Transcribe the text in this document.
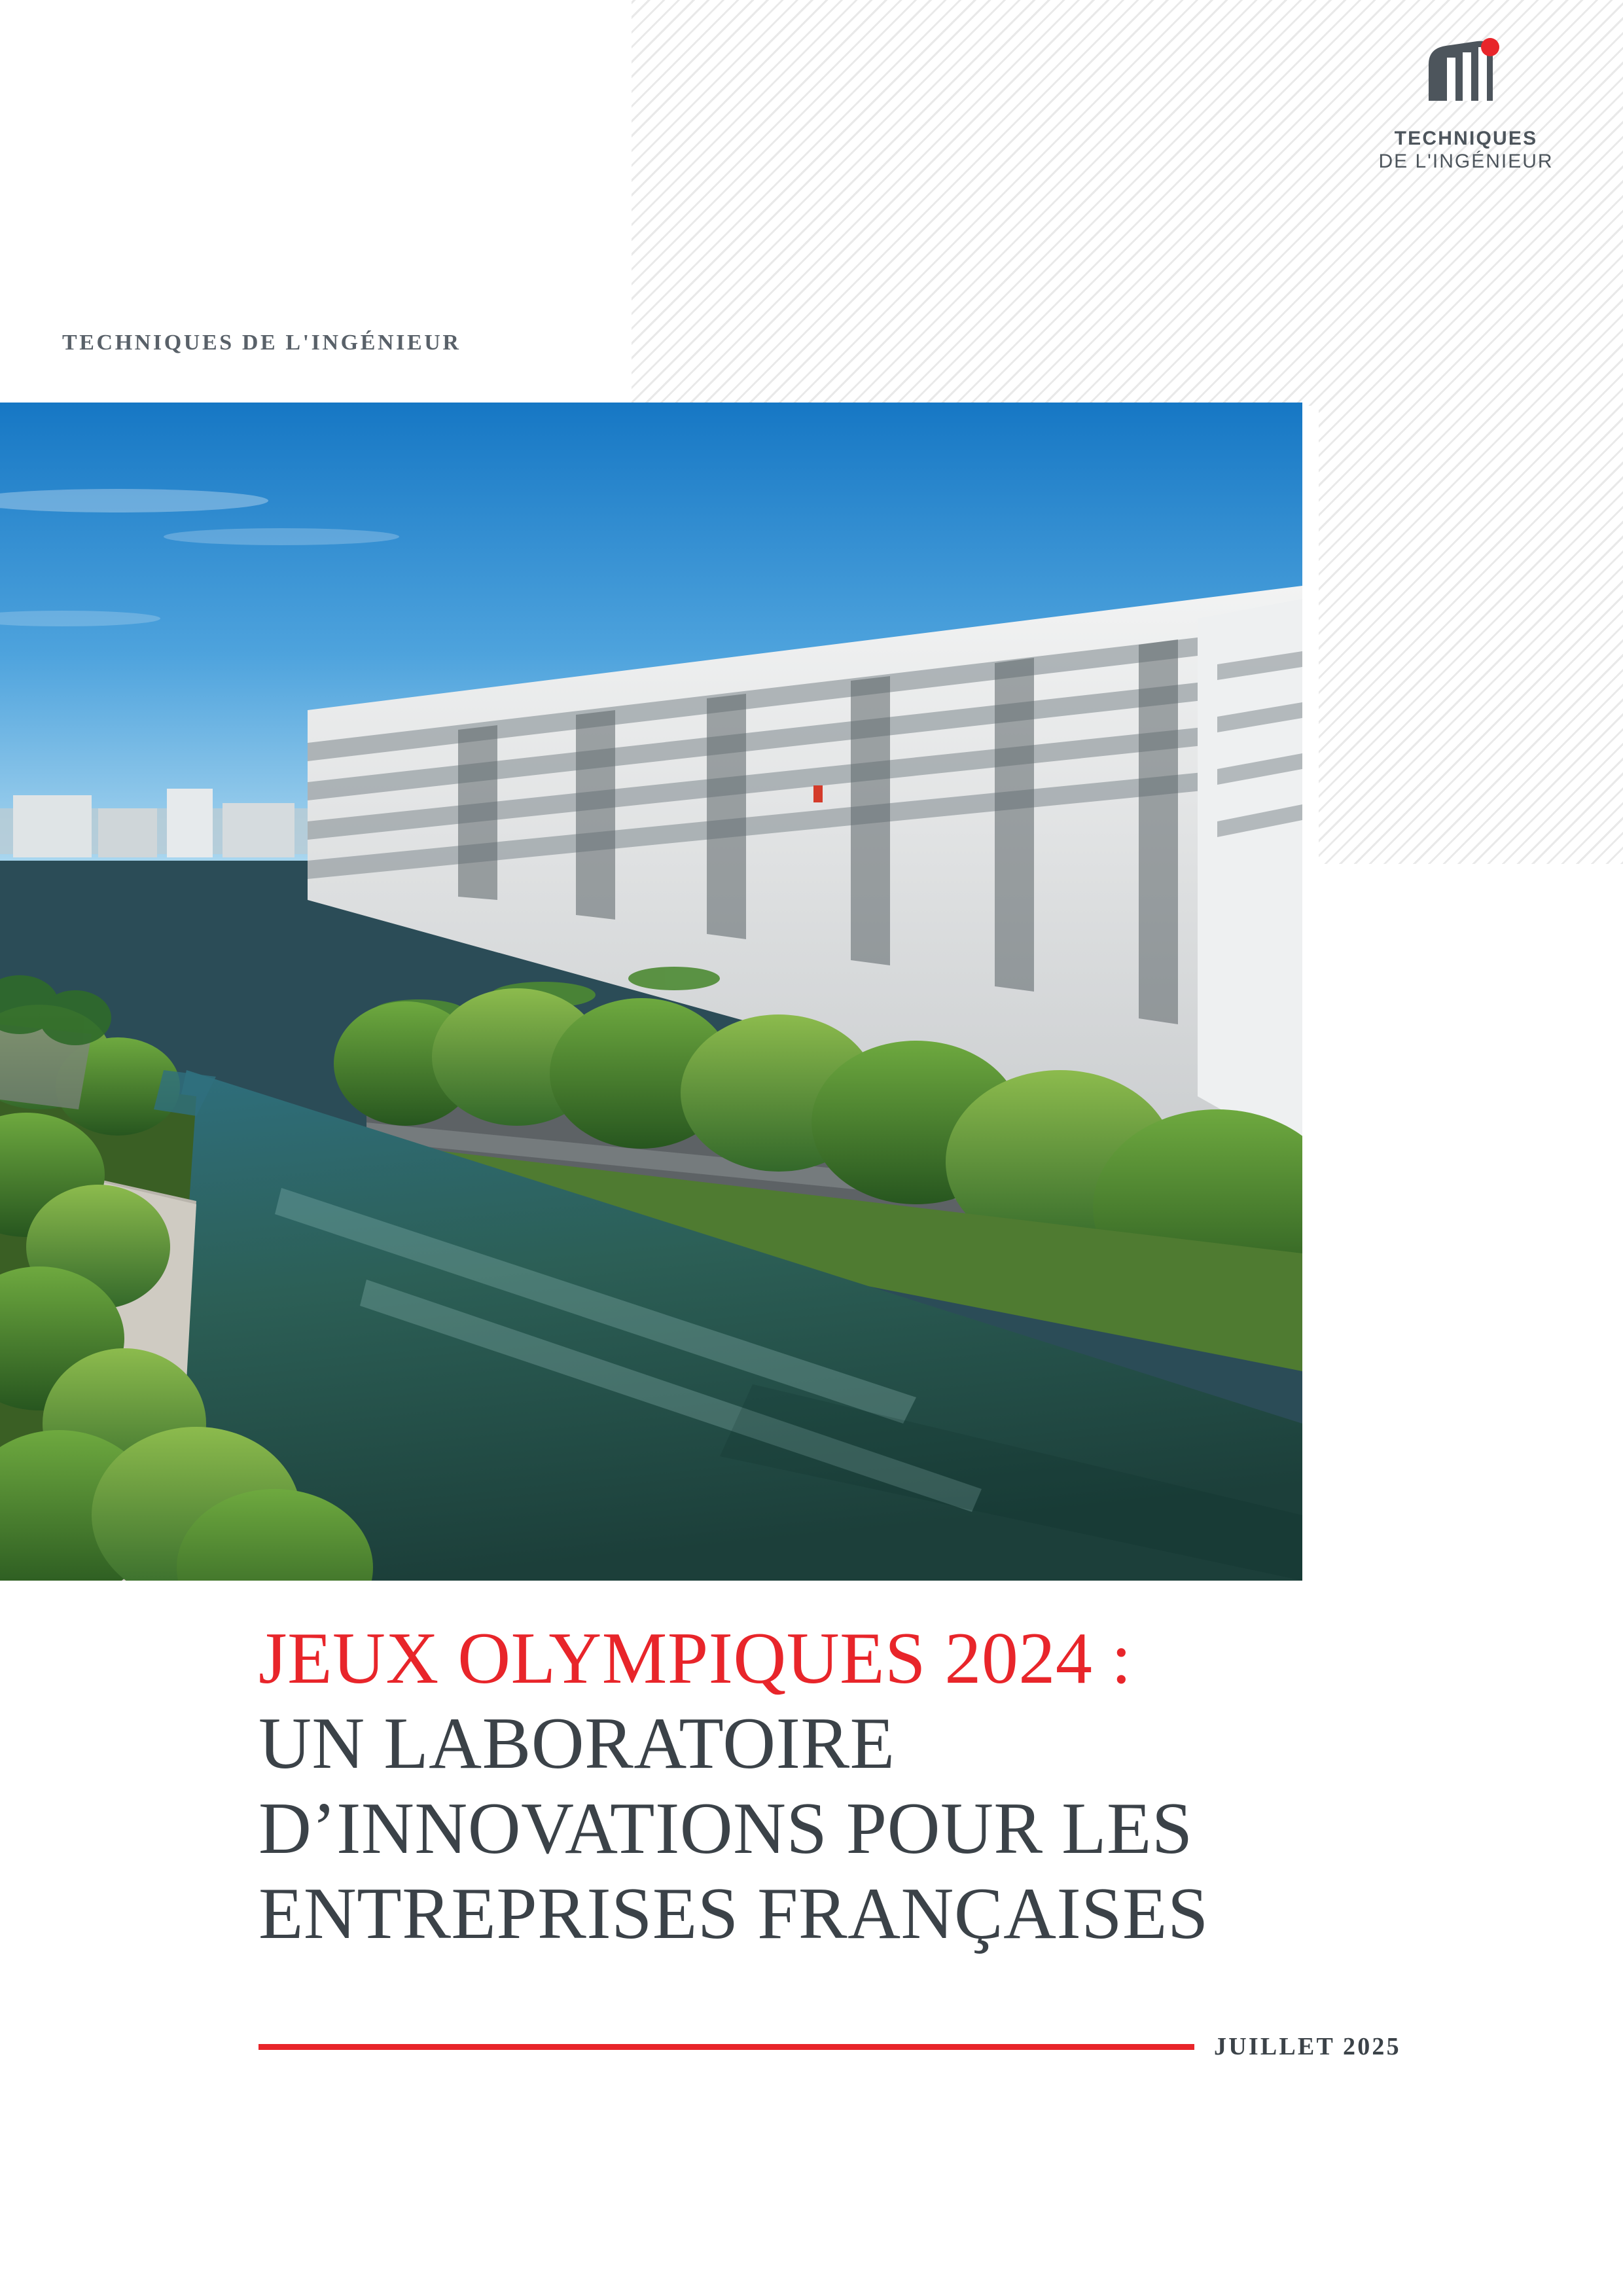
TECHNIQUES
DE L'INGÉNIEUR
TECHNIQUES DE L'INGÉNIEUR
JEUX OLYMPIQUES 2024 :
UN LABORATOIRE
D’INNOVATIONS POUR LES
ENTREPRISES FRANÇAISES
JUILLET 2025
